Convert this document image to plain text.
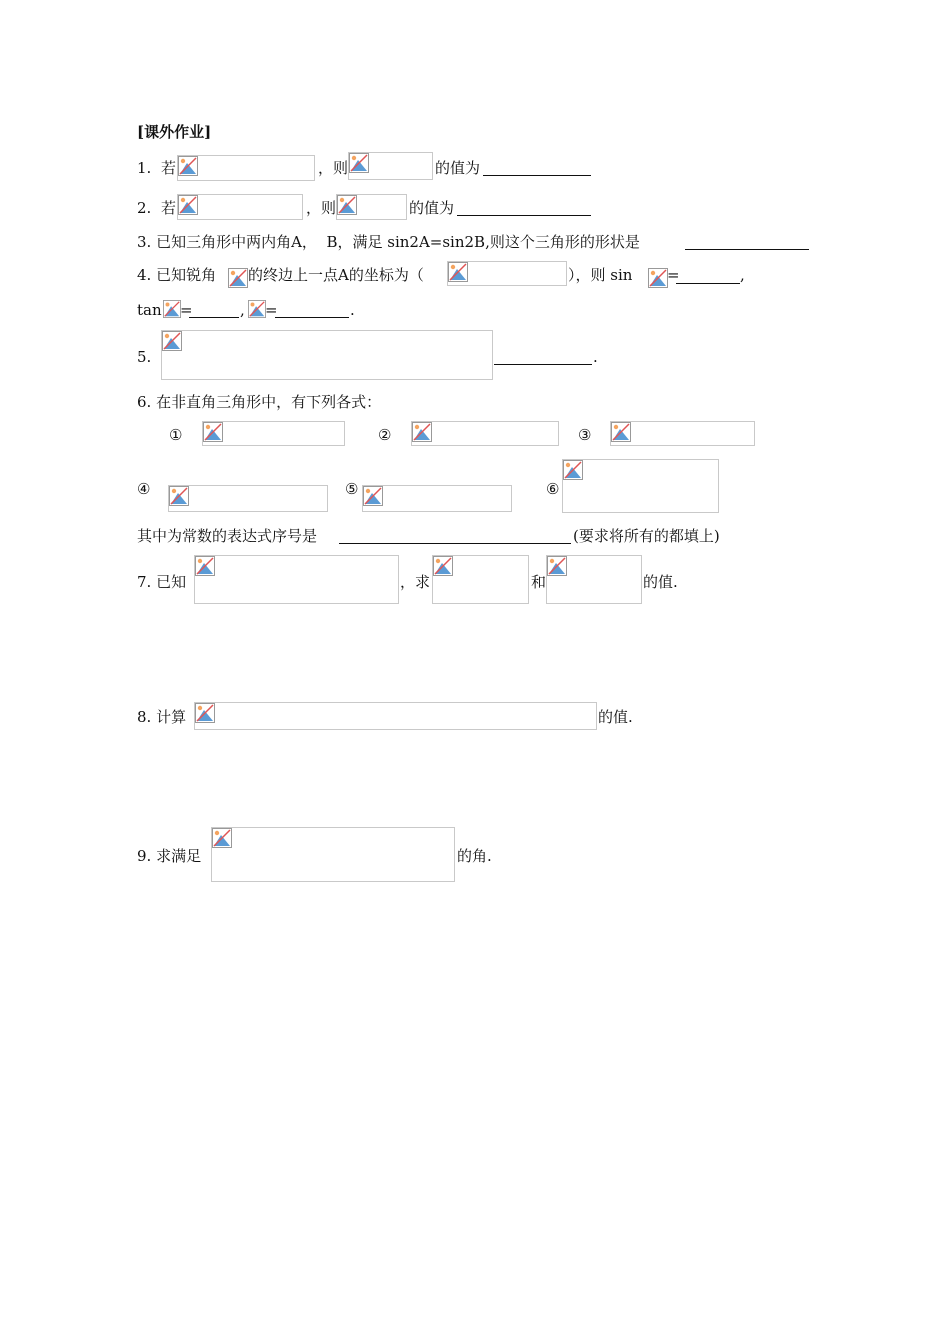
[课外作业]
1. 若	，则	的值为
2. 若	，则	的值为
3. 已知三角形中两内角A，  B，满足 sin2A=sin2B,则这个三角形的形状是
4. 已知锐角 的终边上一点A的坐标为（	），则 sin =	,
tan =	, =	.
5.	.
6. 在非直角三角形中，有下列各式：
①	②	③
④	⑤	⑥
其中为常数的表达式序号是	(要求将所有的都填上)
7. 已知	，求	和	的值.
8. 计算	的值.
9. 求满足	的角.
